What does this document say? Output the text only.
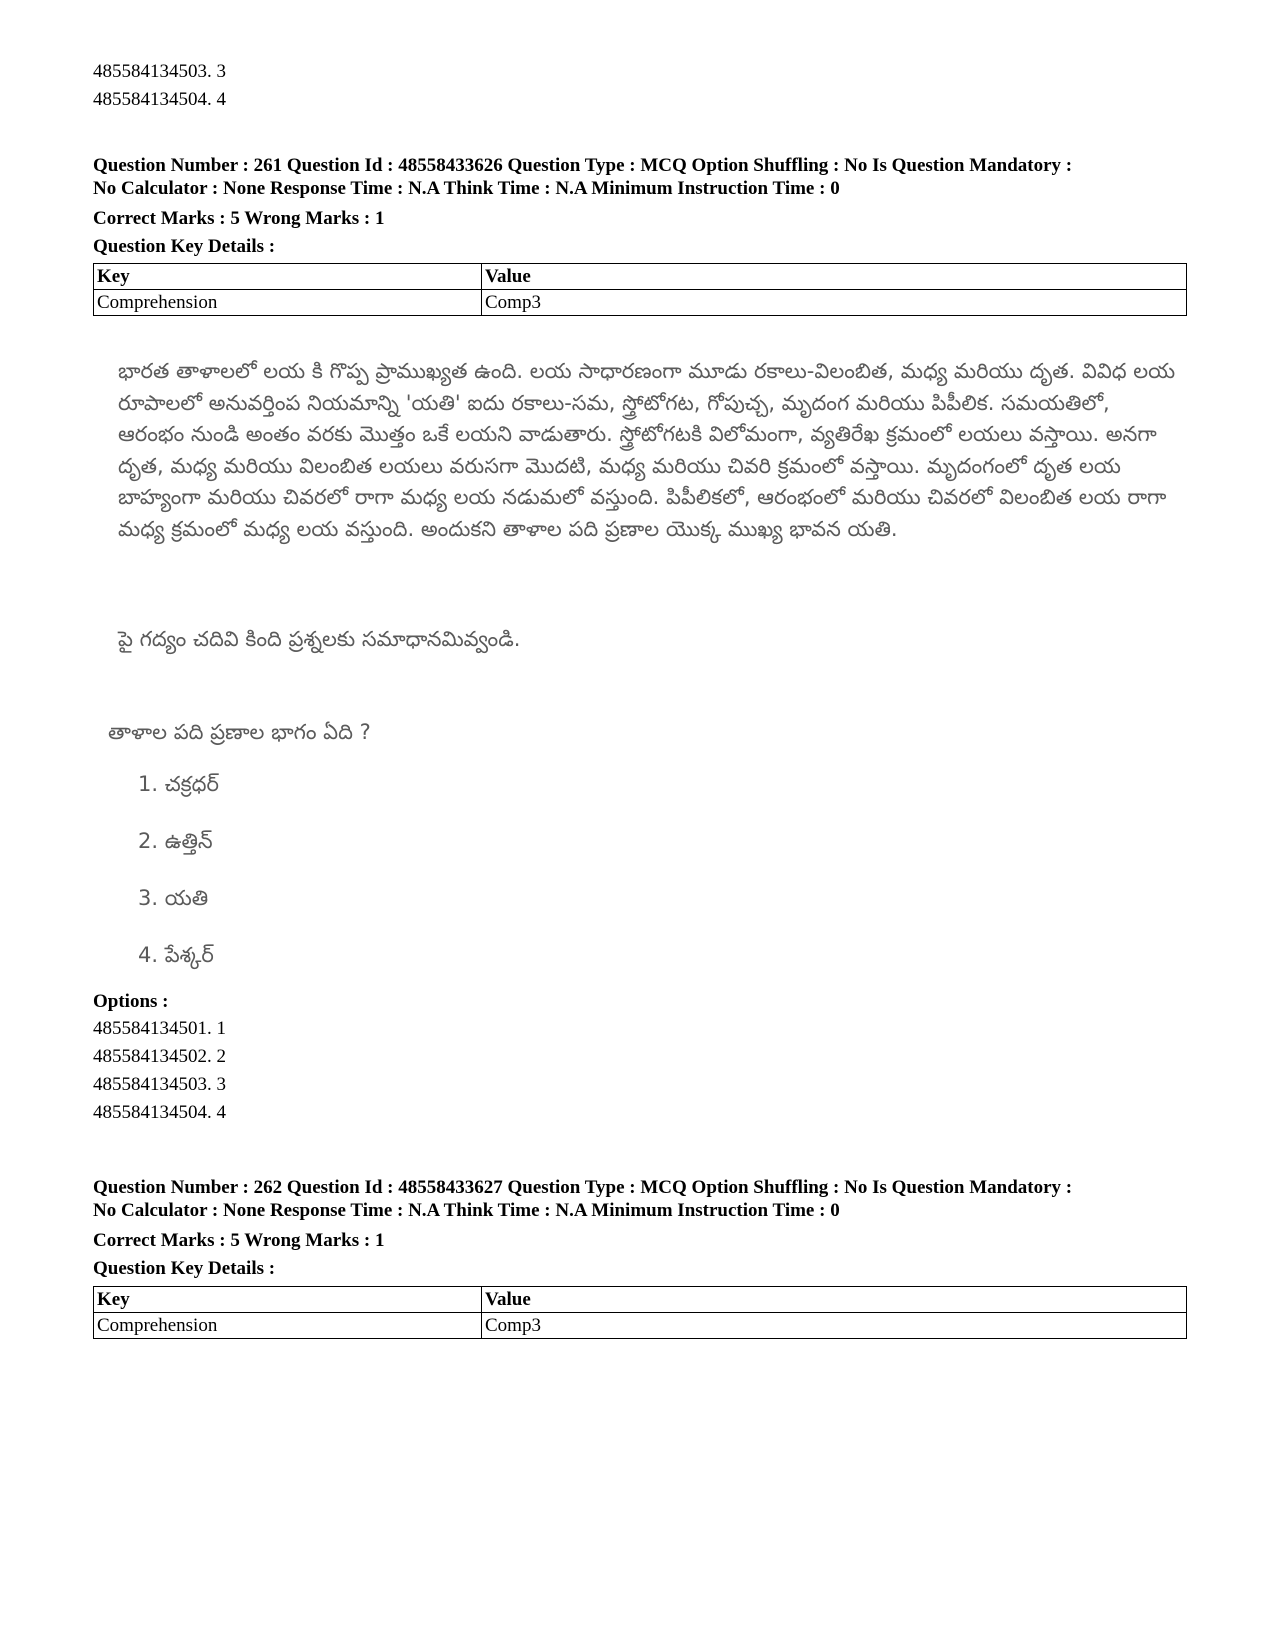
485584134503. 3
485584134504. 4
Question Number : 261 Question Id : 48558433626 Question Type : MCQ Option Shuffling : No Is Question Mandatory :
No Calculator : None Response Time : N.A Think Time : N.A Minimum Instruction Time : 0
Correct Marks : 5 Wrong Marks : 1
Question Key Details :
Key	Value
Comprehension	Comp3
భారత తాళాలలో లయ కి గొప్ప ప్రాముఖ్యత ఉంది. లయ సాధారణంగా మూడు రకాలు-విలంబిత, మధ్య మరియు దృత. వివిధ లయ రూపాలలో అనువర్తింప నియమాన్ని 'యతి' ఐదు రకాలు-సమ, స్త్రోటోగట, గోపుచ్చ, మృదంగ మరియు పిపీలిక. సమయతిలో, ఆరంభం నుండి అంతం వరకు మొత్తం ఒకే లయని వాడుతారు. స్త్రోటోగటకి విలోమంగా, వ్యతిరేఖ క్రమంలో లయలు వస్తాయి. అనగా దృత, మధ్య మరియు విలంబిత లయలు వరుసగా మొదటి, మధ్య మరియు చివరి క్రమంలో వస్తాయి. మృదంగంలో దృత లయ బాహ్యంగా మరియు చివరలో రాగా మధ్య లయ నడుమలో వస్తుంది. పిపీలికలో, ఆరంభంలో మరియు చివరలో విలంబిత లయ రాగా మధ్య క్రమంలో మధ్య లయ వస్తుంది. అందుకని తాళాల పది ప్రణాల యొక్క ముఖ్య భావన యతి.
పై గద్యం చదివి కింది ప్రశ్నలకు సమాధానమివ్వండి.
తాళాల పది ప్రణాల భాగం ఏది ?
1. చక్రధర్
2. ఉత్తిన్
3. యతి
4. పేశ్కర్
Options :
485584134501. 1
485584134502. 2
485584134503. 3
485584134504. 4
Question Number : 262 Question Id : 48558433627 Question Type : MCQ Option Shuffling : No Is Question Mandatory :
No Calculator : None Response Time : N.A Think Time : N.A Minimum Instruction Time : 0
Correct Marks : 5 Wrong Marks : 1
Question Key Details :
Key	Value
Comprehension	Comp3
